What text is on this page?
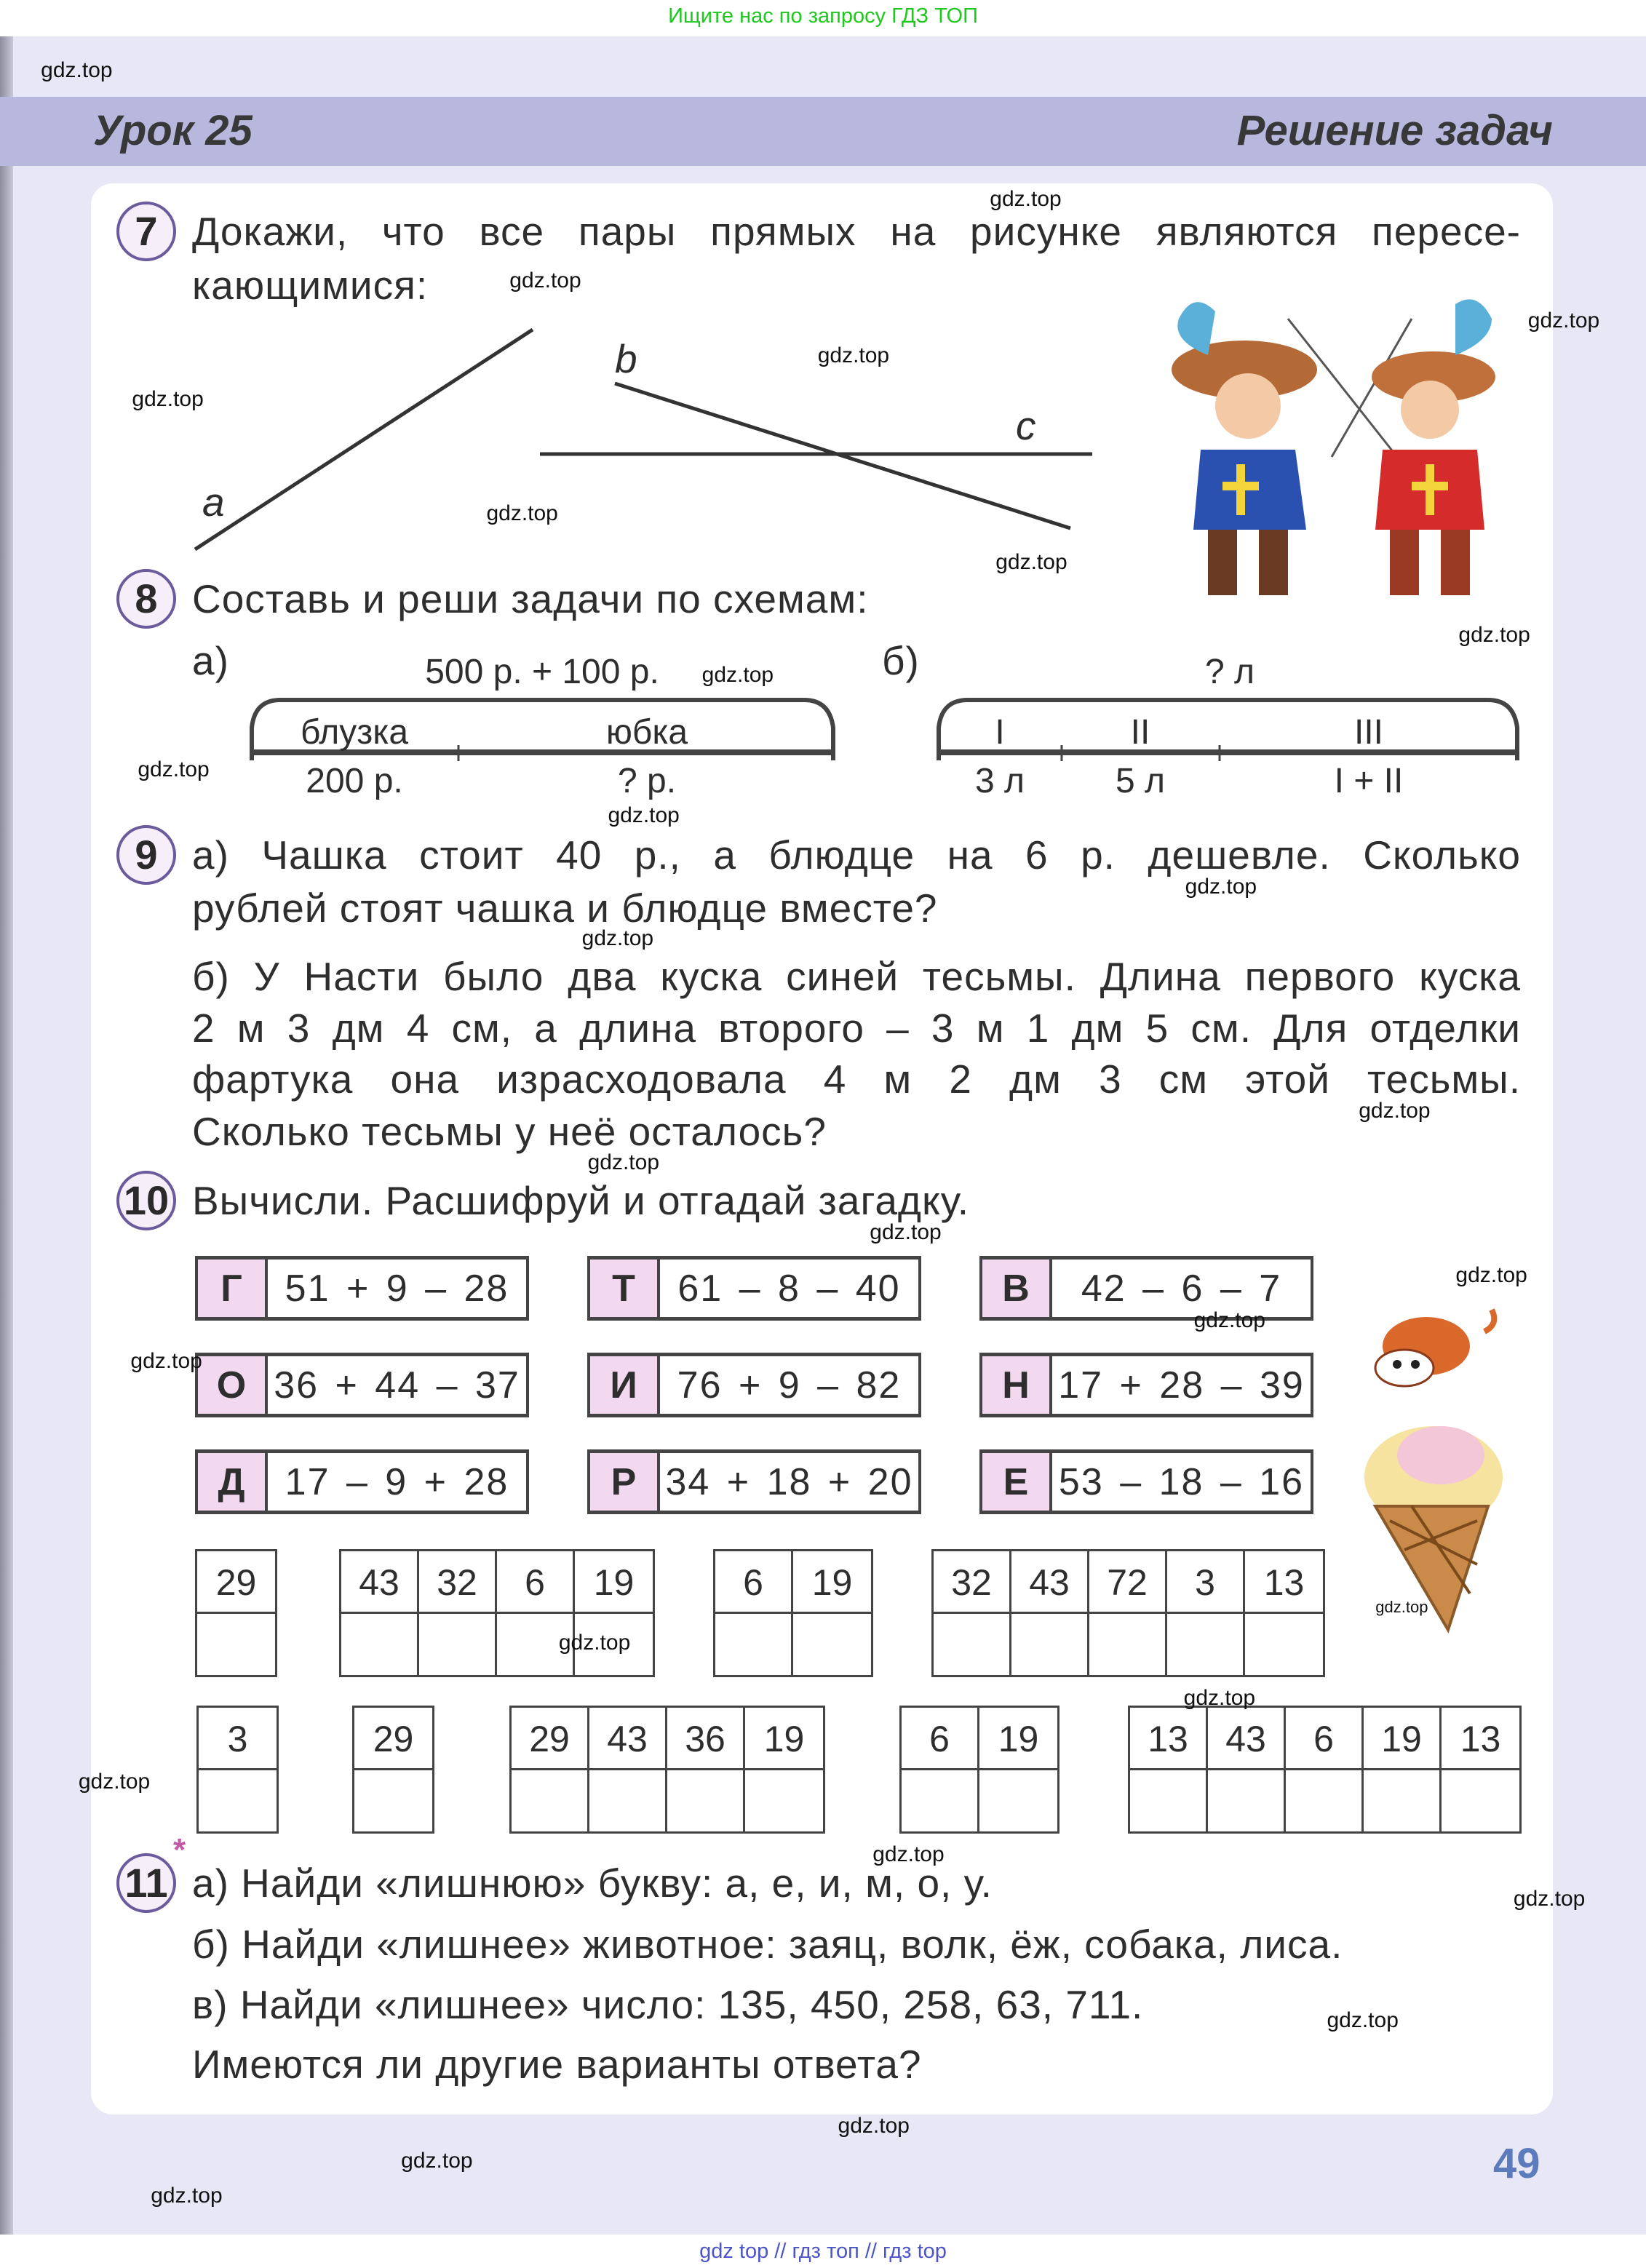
Ищите нас по запросу ГДЗ ТОП
Урок 25	Решение задач
7 Докажи, что все пары прямых на рисунке являются пересе-
кающимися:
a
b
c
8 Составь и реши задачи по схемам:
а)	б)
500 р. + 100 р.
блузка	юбка
200 р.	? р.
? л
I	II	III
3 л	5 л	I + II
9 а) Чашка стоит 40 р., а блюдце на 6 р. дешевле. Сколько
рублей стоят чашка и блюдце вместе?
б) У Насти было два куска синей тесьмы. Длина первого куска
2 м 3 дм 4 см, а длина второго – 3 м 1 дм 5 см. Для отделки
фартука она израсходовала 4 м 2 дм 3 см этой тесьмы.
Сколько тесьмы у неё осталось?
10 Вычисли. Расшифруй и отгадай загадку.
Г	51 + 9 – 28	Т	61 – 8 – 40	В	42 – 6 – 7
О 36 + 44 – 37	И	76 + 9 – 82	Н 17 + 28 – 39
Д	17 – 9 + 28	Р 34 + 18 + 20	Е 53 – 18 – 16
29	43	32	6	19	6	19	32	43	72	3	13
3	29	29	43	36	19	6	19	13	43	6	19	13
11
*
а) Найди «лишнюю» букву: а, е, и, м, о, у.
б) Найди «лишнее» животное: заяц, волк, ёж, собака, лиса.
в) Найди «лишнее» число: 135, 450, 258, 63, 711.
Имеются ли другие варианты ответа?
49
gdz top // гдз топ // гдз top
gdz.top
gdz.top
gdz.top
gdz.top
gdz.top
gdz.top
gdz.top
gdz.top
gdz.top
gdz.top
gdz.top
gdz.top
gdz.top
gdz.top
gdz.top
gdz.top
gdz.top
gdz.top
gdz.top
gdz.top
gdz.top
gdz.top
gdz.top
gdz.top
gdz.top
gdz.top
gdz.top
gdz.top
gdz.top
gdz.top
